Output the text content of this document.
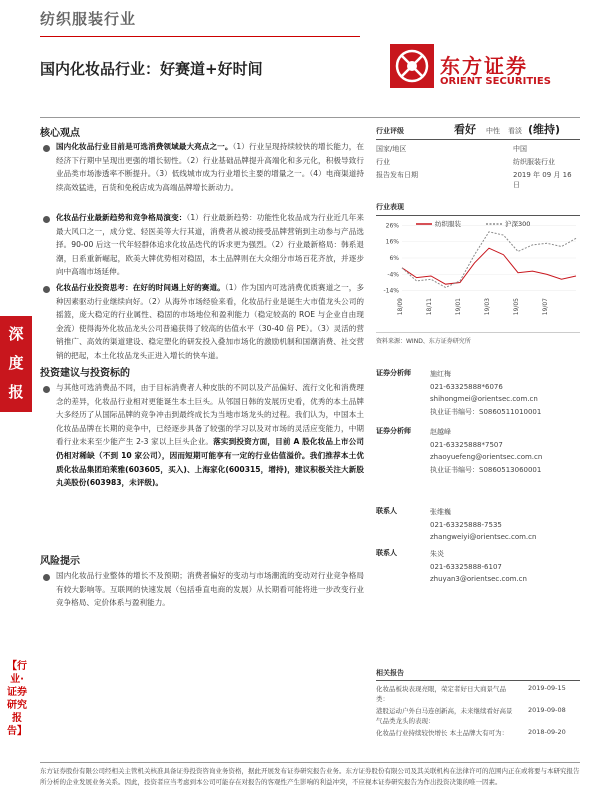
纺织服装行业
国内化妆品行业：好赛道+好时间	东方证券
ORIENT SECURITIES
深
度
报
告
【行业·证券研究报告】
核心观点
国内化妆品行业目前是可选消费领域最大亮点之一。（1）行业呈现持续较快的增长能力，在经济下行期中呈现出更强的增长韧性。（2）行业基础品牌提升高端化和多元化，积极导致行业品类市场渗透率不断提升。（3）低线城市成为行业增长主要的增量之一。（4）电商渠道持续高效猛进，百货和免税店成为高端品牌增长新动力。
化妆品行业最新趋势和竞争格局演变：（1）行业最新趋势：功能性化妆品成为行业近几年来最大风口之一，成分党、轻医美等大行其道，消费者从被动接受品牌营销到主动参与产品选择。90-00 后这一代年轻群体追求化妆品迭代的诉求更为强烈。（2）行业最新格局：韩系退潮，日系重新崛起，欧美大牌优势相对稳固，本土品牌则在大众细分市场百花齐放，并逐步向中高端市场延伸。
化妆品行业投资思考：在好的时间遇上好的赛道。（1）作为国内可选消费优质赛道之一，多种因素驱动行业继续向好。（2）从海外市场经验来看，化妆品行业是诞生大市值龙头公司的摇篮，庞大稳定的行业属性、稳固的市场地位和盈利能力（稳定较高的 ROE 与企业自由现金流）使得海外化妆品龙头公司普遍获得了较高的估值水平（30-40 倍 PE）。（3）灵活的营销推广、高效的渠道建设、稳定塑化的研发投入叠加市场化的激励机制和国潮消费、社交营销的把起，本土化妆品龙头正进入增长的快车道。
投资建议与投资标的
与其他可选消费品不同，由于目标消费者人种皮肤的不同以及产品偏好、流行文化和消费理念的差异，化妆品行业相对更能诞生本土巨头。从邻国日韩的发展历史看，优秀的本土品牌大多经历了从国际品牌的竞争冲击到最终成长为当地市场龙头的过程。我们认为，中国本土化妆品品牌在长期的竞争中，已经逐步具备了较强的学习以及对市场的灵活应变能力，中期看行业未来至少能产生 2-3 家以上巨头企业。落实到投资方面，目前 A 股化妆品上市公司仍相对稀缺（不到 10 家公司），因而短期可能享有一定的行业估值溢价。我们推荐本土优质化妆品集团珀莱雅(603605，买入)、上海家化(600315，增持)，建议积极关注大新股丸美股份(603983，未评级)。
风险提示
国内化妆品行业整体的增长不及预期；消费者偏好的变动与市场潮流的变动对行业竞争格局有较大影响等。互联网的快速发展（包括垂直电商的发展）从长期看可能将进一步改变行业竞争格局、定价体系与盈利能力。
行业评级	看好 中性 看淡 (维持)
国家/地区	中国
行业	纺织服装行业
报告发布日期	2019 年 09 月 16 日
行业表现
26%
16%
6%
-4%
-14%
18/09	18/11	19/01	19/03	19/05	19/07
纺织服装	沪深300
资料来源：WIND、东方证券研究所
证券分析师	施红梅
021-63325888*6076
shihongmei@orientsec.com.cn
执业证书编号：S0860511010001
证券分析师	赵越峰
021-63325888*7507
zhaoyuefeng@orientsec.com.cn
执业证书编号：S0860513060001
联系人	张维巍
021-63325888-7535
zhangweiyi@orientsec.com.cn
联系人	朱炎
021-63325888-6107
zhuyan3@orientsec.com.cn
相关报告
化妆品板块表现亮眼，荣定者好日大商景气品类：
2019-09-15
港股运动户外白马连创新高，未来继续看好高景气品类龙头的表现：
2019-09-08
化妆品行业持续较快增长 本土品牌大有可为：	2018-09-20
东方证券股份有限公司经相关主管机关核准具备证券投资咨询业务资格，据此开展发布证券研究报告业务。东方证券股份有限公司及其关联机构在法律许可的范围内正在或将要与本研究报告所分析的企业发展业务关系。因此，投资者应当考虑到本公司可能存在对报告的客观性产生影响的利益冲突，不应视本证券研究报告为作出投资决策的唯一因素。
